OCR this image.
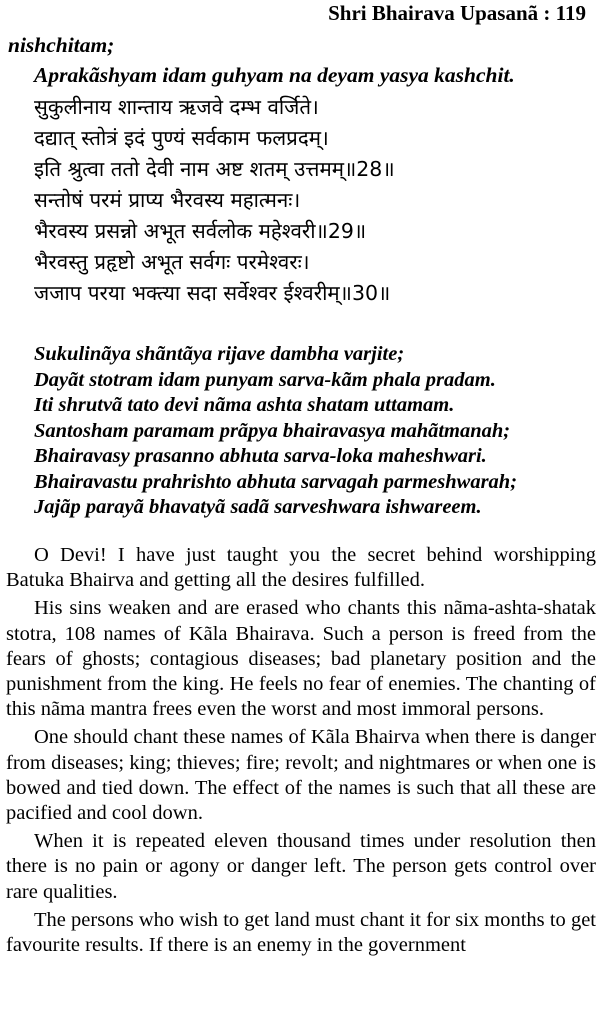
Shri Bhairava Upasanã : 119
nishchitam;
Aprakãshyam idam guhyam na deyam yasya kashchit.
सुकुलीनाय शान्ताय ऋजवे दम्भ वर्जिते।
दद्यात् स्तोत्रं इदं पुण्यं सर्वकाम फलप्रदम्।
इति श्रुत्वा ततो देवी नाम अष्ट शतम् उत्तमम्॥28॥
सन्तोषं परमं प्राप्य भैरवस्य महात्मनः।
भैरवस्य प्रसन्नो अभूत सर्वलोक महेश्वरी॥29॥
भैरवस्तु प्रहृष्टो अभूत सर्वगः परमेश्वरः।
जजाप परया भक्त्या सदा सर्वेश्वर ईश्वरीम्॥30॥
Sukulinãya shãntãya rijave dambha varjite;
Dayãt stotram idam punyam sarva-kãm phala pradam.
Iti shrutvã tato devi nãma ashta shatam uttamam.
Santosham paramam prãpya bhairavasya mahãtmanah;
Bhairavasy prasanno abhuta sarva-loka maheshwari.
Bhairavastu prahrishto abhuta sarvagah parmeshwarah;
Jajãp parayã bhavatyã sadã sarveshwara ishwareem.

O Devi! I have just taught you the secret behind worshipping Batuka Bhairva and getting all the desires fulfilled.

His sins weaken and are erased who chants this nãma-ashta-shatak stotra, 108 names of Kãla Bhairava. Such a person is freed from the fears of ghosts; contagious diseases; bad planetary position and the punishment from the king. He feels no fear of enemies. The chanting of this nãma mantra frees even the worst and most immoral persons.

One should chant these names of Kãla Bhairva when there is danger from diseases; king; thieves; fire; revolt; and nightmares or when one is bowed and tied down. The effect of the names is such that all these are pacified and cool down.

When it is repeated eleven thousand times under resolution then there is no pain or agony or danger left. The person gets control over rare qualities.

The persons who wish to get land must chant it for six months to get favourite results. If there is an enemy in the government
